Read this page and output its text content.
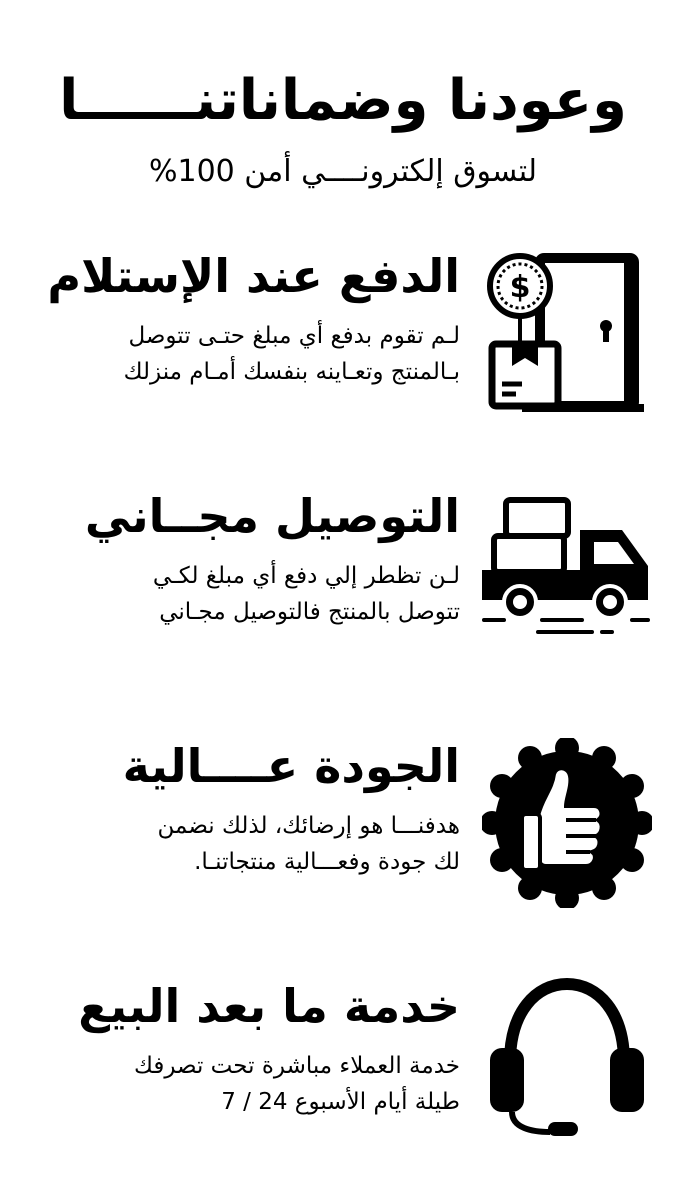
وعودنا وضماناتنــــــا
لتسوق إلكترونــــي أمن 100%
الدفع عند الإستلام
لـم تقوم بدفع أي مبلغ حتـى تتوصل
بـالمنتج وتعـاينه بنفسك أمـام منزلك
$
التوصيل مجــاني
لـن تظطر إلي دفع أي مبلغ لكـي
تتوصل بالمنتج فالتوصيل مجـاني
الجودة عــــالية
هدفنـــا هو إرضائك، لذلك نضمن
لك جودة وفعـــالية منتجاتنـا.
خدمة ما بعد البيع
خدمة العملاء مباشرة تحت تصرفك
طيلة أيام الأسبوع 24 / 7
